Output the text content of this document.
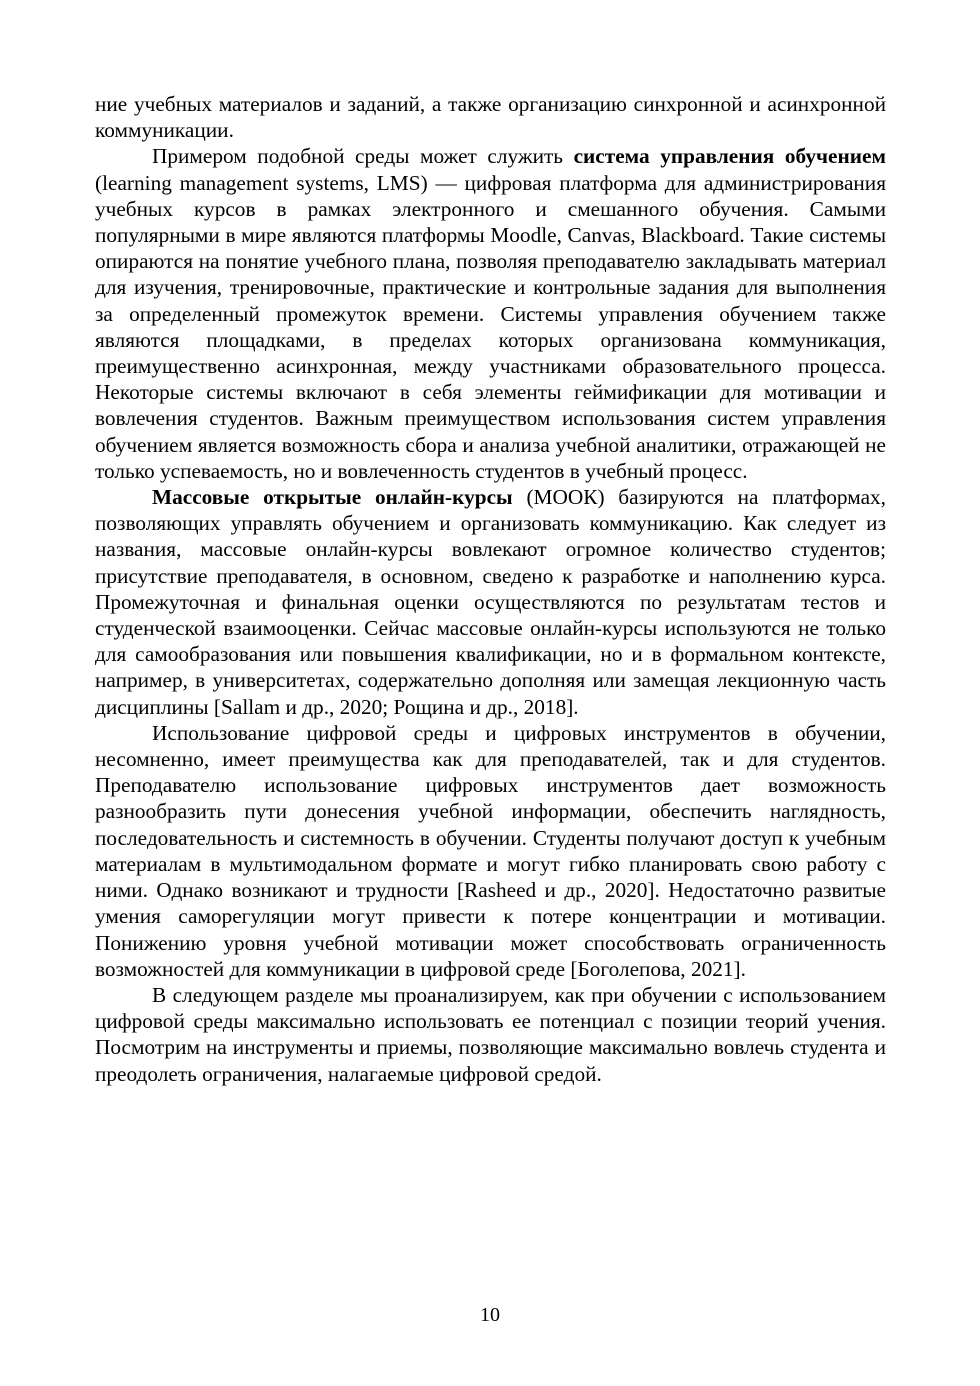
ние учебных материалов и заданий, а также организацию синхронной и асинхронной коммуникации.

Примером подобной среды может служить система управления обучением (learning management systems, LMS) — цифровая платформа для администрирования учебных курсов в рамках электронного и смешанного обучения. Самыми популярными в мире являются платформы Moodle, Canvas, Blackboard. Такие системы опираются на понятие учебного плана, позволяя преподавателю закладывать материал для изучения, тренировочные, практические и контрольные задания для выполнения за определенный промежуток времени. Системы управления обучением также являются площадками, в пределах которых организована коммуникация, преимущественно асинхронная, между участниками образовательного процесса. Некоторые системы включают в себя элементы геймификации для мотивации и вовлечения студентов. Важным преимуществом использования систем управления обучением является возможность сбора и анализа учебной аналитики, отражающей не только успеваемость, но и вовлеченность студентов в учебный процесс.

Массовые открытые онлайн-курсы (МООК) базируются на платформах, позволяющих управлять обучением и организовать коммуникацию. Как следует из названия, массовые онлайн-курсы вовлекают огромное количество студентов; присутствие преподавателя, в основном, сведено к разработке и наполнению курса. Промежуточная и финальная оценки осуществляются по результатам тестов и студенческой взаимооценки. Сейчас массовые онлайн-курсы используются не только для самообразования или повышения квалификации, но и в формальном контексте, например, в университетах, содержательно дополняя или замещая лекционную часть дисциплины [Sallam и др., 2020; Рощина и др., 2018].

Использование цифровой среды и цифровых инструментов в обучении, несомненно, имеет преимущества как для преподавателей, так и для студентов. Преподавателю использование цифровых инструментов дает возможность разнообразить пути донесения учебной информации, обеспечить наглядность, последовательность и системность в обучении. Студенты получают доступ к учебным материалам в мультимодальном формате и могут гибко планировать свою работу с ними. Однако возникают и трудности [Rasheed и др., 2020]. Недостаточно развитые умения саморегуляции могут привести к потере концентрации и мотивации. Понижению уровня учебной мотивации может способствовать ограниченность возможностей для коммуникации в цифровой среде [Боголепова, 2021].

В следующем разделе мы проанализируем, как при обучении с использованием цифровой среды максимально использовать ее потенциал с позиции теорий учения. Посмотрим на инструменты и приемы, позволяющие максимально вовлечь студента и преодолеть ограничения, налагаемые цифровой средой.

10
